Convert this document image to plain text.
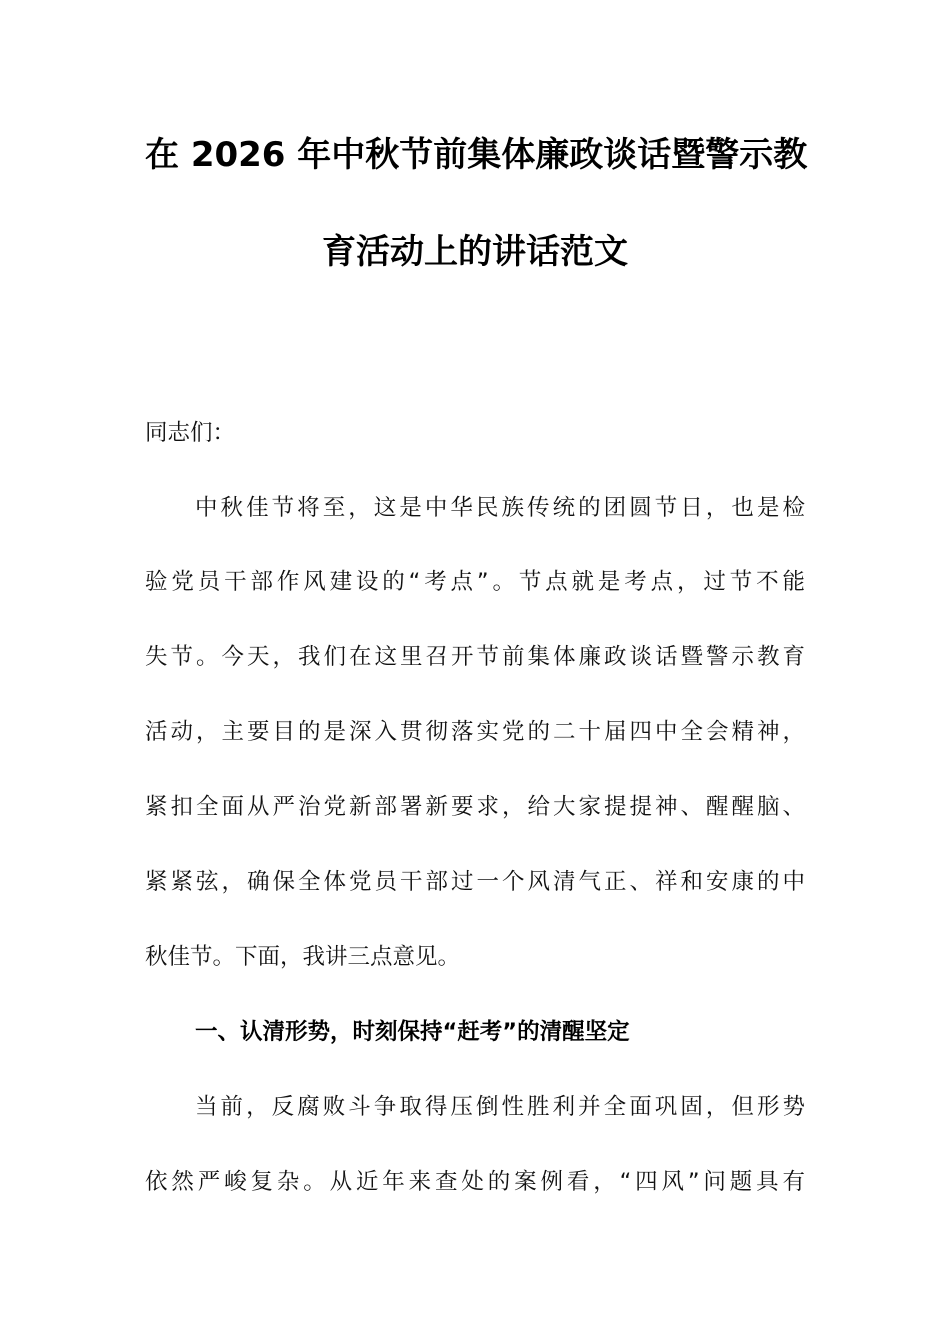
在 2026 年中秋节前集体廉政谈话暨警示教
育活动上的讲话范文
同志们：
中秋佳节将至，这是中华民族传统的团圆节日，也是检
验党员干部作风建设的“考点”。节点就是考点，过节不能
失节。今天，我们在这里召开节前集体廉政谈话暨警示教育
活动，主要目的是深入贯彻落实党的二十届四中全会精神，
紧扣全面从严治党新部署新要求，给大家提提神、醒醒脑、
紧紧弦，确保全体党员干部过一个风清气正、祥和安康的中
秋佳节。下面，我讲三点意见。
一、认清形势，时刻保持“赶考”的清醒坚定
当前，反腐败斗争取得压倒性胜利并全面巩固，但形势
依然严峻复杂。从近年来查处的案例看，“四风”问题具有
